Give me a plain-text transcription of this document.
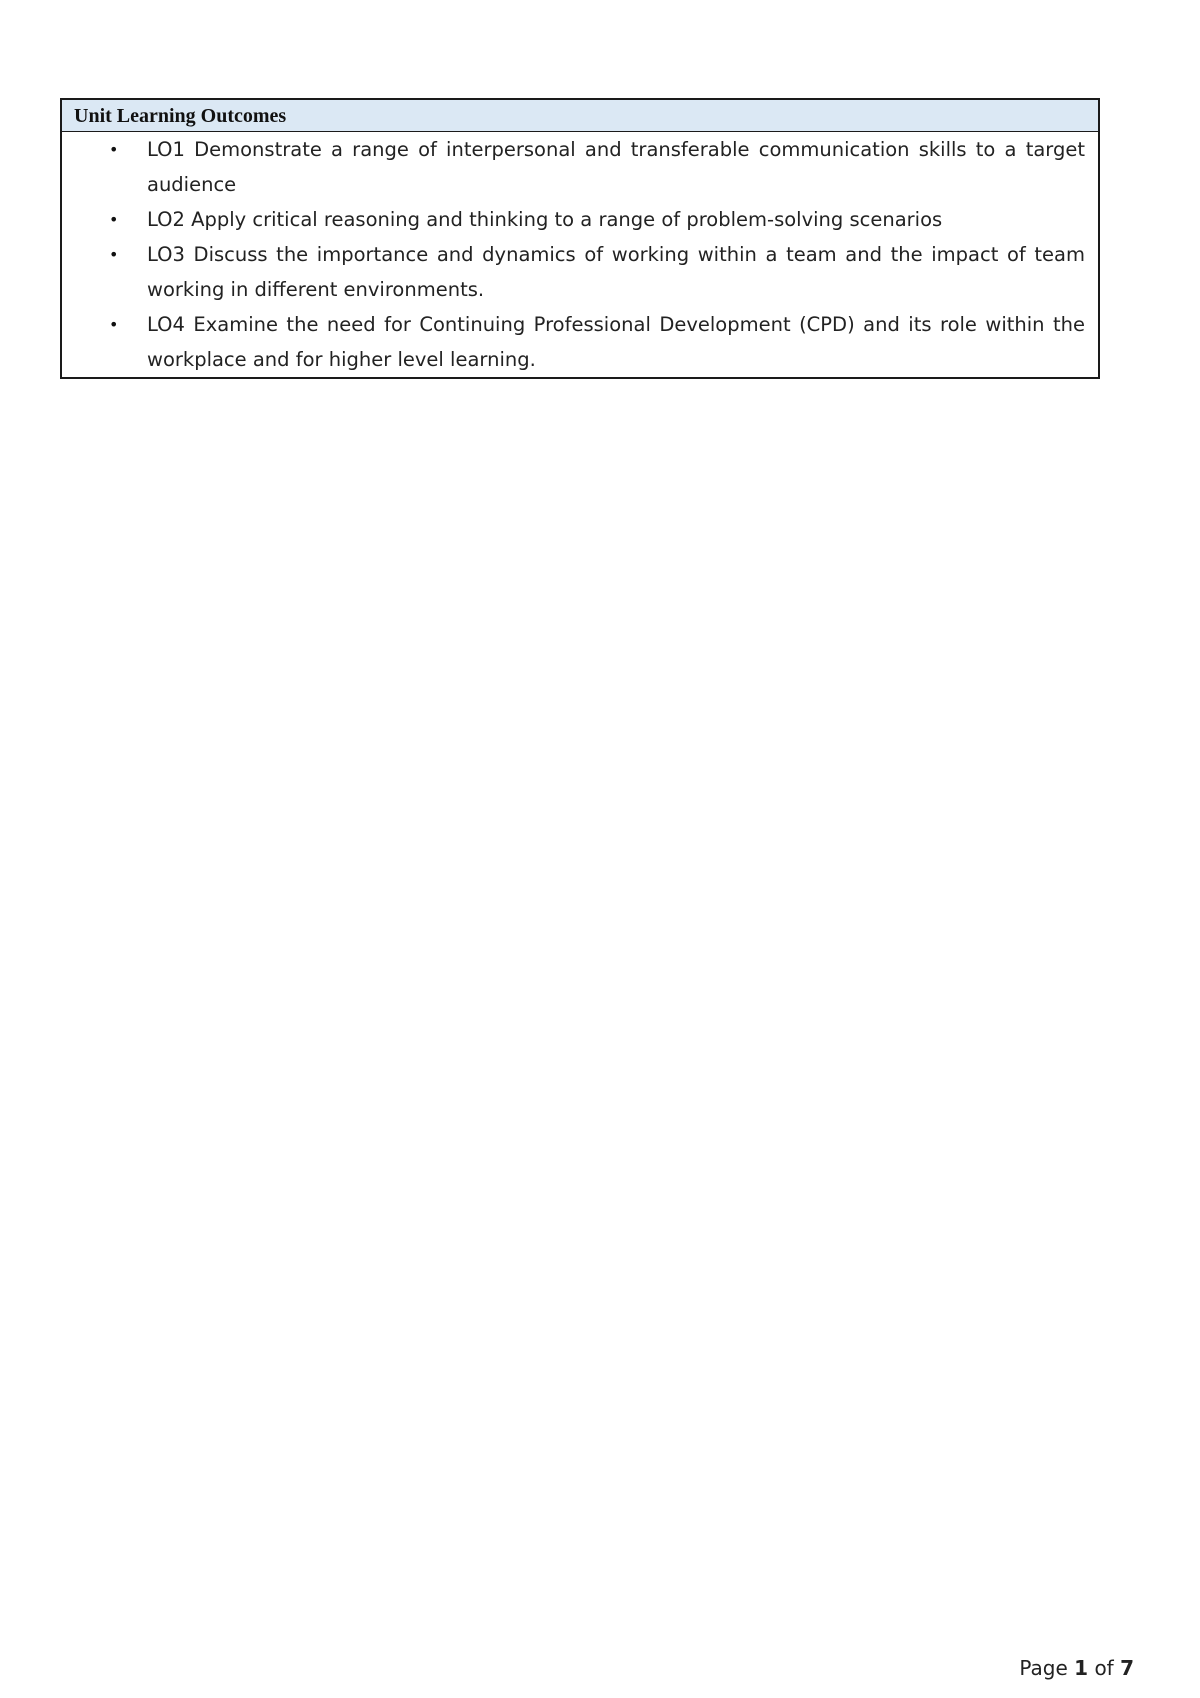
Unit Learning Outcomes
• LO1 Demonstrate a range of interpersonal and transferable communication skills to a target audience
• LO2 Apply critical reasoning and thinking to a range of problem-solving scenarios
• LO3 Discuss the importance and dynamics of working within a team and the impact of team working in different environments.
• LO4 Examine the need for Continuing Professional Development (CPD) and its role within the workplace and for higher level learning.
Page 1 of 7
